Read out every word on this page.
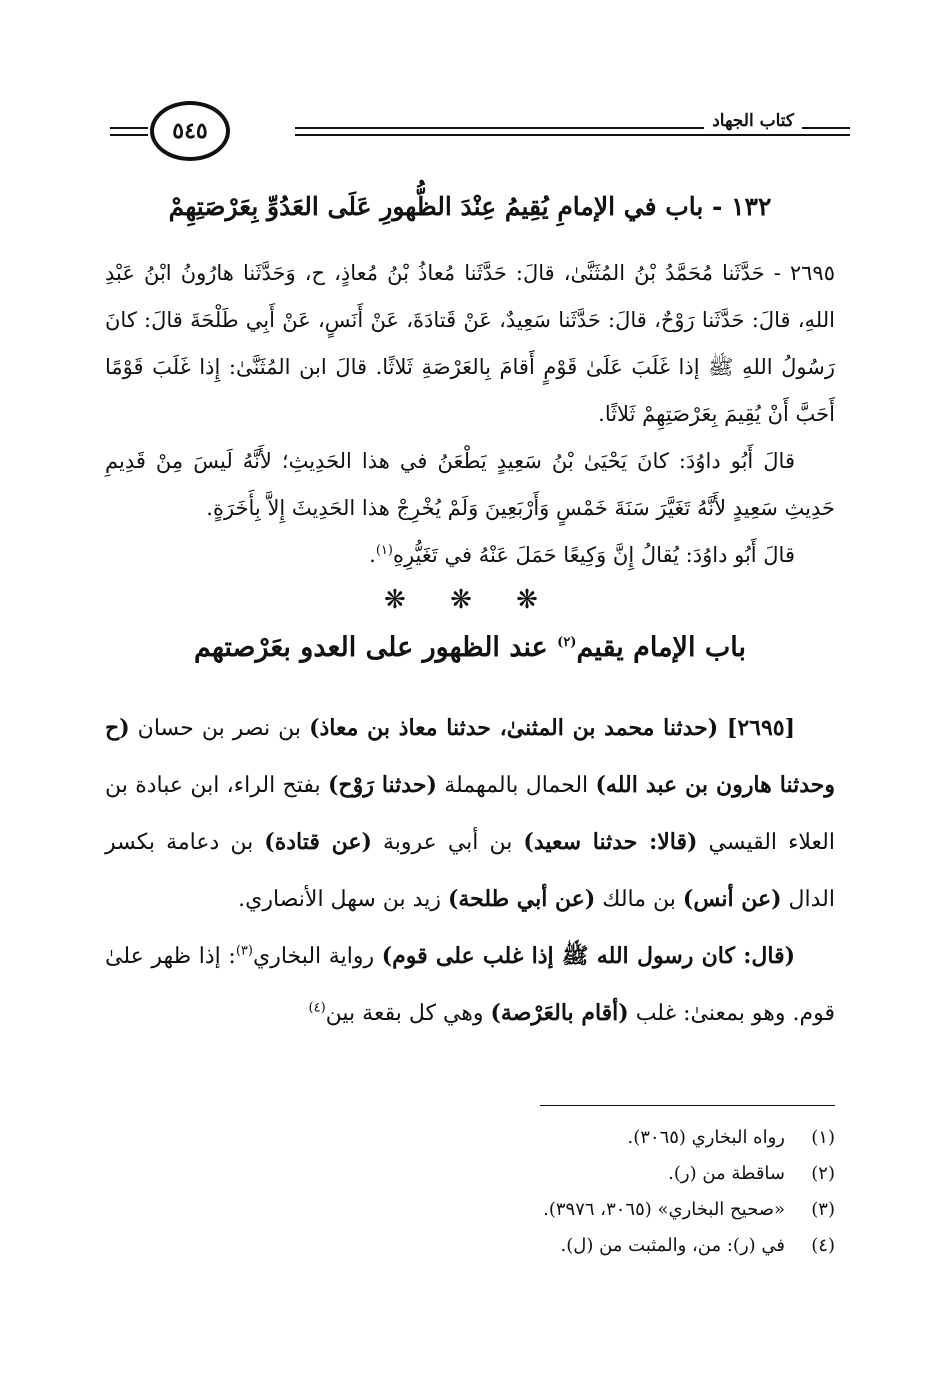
كتاب الجهاد
٥٤٥
١٣٢ - باب في الإمامِ يُقِيمُ عِنْدَ الظُّهورِ عَلَى العَدُوِّ بِعَرْصَتِهِمْ

٢٦٩٥ - حَدَّثَنا مُحَمَّدُ بْنُ المُثَنَّىٰ، قالَ: حَدَّثَنا مُعاذُ بْنُ مُعاذٍ، ح، وَحَدَّثَنا هارُونُ ابْنُ عَبْدِ اللهِ، قالَ: حَدَّثَنا رَوْحٌ، قالَ: حَدَّثَنا سَعِيدٌ، عَنْ قَتادَةَ، عَنْ أَنَسٍ، عَنْ أَبِي طَلْحَةَ قالَ: كانَ رَسُولُ اللهِ ﷺ إذا غَلَبَ عَلَىٰ قَوْمٍ أَقامَ بِالعَرْصَةِ ثَلاثًا. قالَ ابن المُثَنَّىٰ: إِذا غَلَبَ قَوْمًا أَحَبَّ أَنْ يُقِيمَ بِعَرْصَتِهِمْ ثَلاثًا.

قالَ أَبُو داوُدَ: كانَ يَحْيَىٰ بْنُ سَعِيدٍ يَطْعَنُ في هذا الحَدِيثِ؛ لأَنَّهُ لَيسَ مِنْ قَدِيمِ حَدِيثِ سَعِيدٍ لأَنَّهُ تَغَيَّرَ سَنَةَ خَمْسٍ وَأَرْبَعِينَ وَلَمْ يُخْرِجْ هذا الحَدِيثَ إِلاَّ بِأَخَرَةٍ.

قالَ أَبُو داوُدَ: يُقالُ إِنَّ وَكِيعًا حَمَلَ عَنْهُ في تَغَيُّرِهِ$^{(١)}$.

❋ ❋ ❋
باب الإمام يقيم$^{(٢)}$ عند الظهور على العدو بعَرْصتهم

[٢٦٩٥] (حدثنا محمد بن المثنىٰ، حدثنا معاذ بن معاذ) بن نصر بن حسان (ح وحدثنا هارون بن عبد الله) الحمال بالمهملة (حدثنا رَوْح) بفتح الراء، ابن عبادة بن العلاء القيسي (قالا: حدثنا سعيد) بن أبي عروبة (عن قتادة) بن دعامة بكسر الدال (عن أنس) بن مالك (عن أبي طلحة) زيد بن سهل الأنصاري.

(قال: كان رسول الله ﷺ إذا غلب على قوم) رواية البخاري$^{(٣)}$: إذا ظهر علىٰ قوم. وهو بمعنىٰ: غلب (أقام بالعَرْصة) وهي كل بقعة بين$^{(٤)}$

(١)
رواه البخاري (٣٠٦٥).
(٢)
ساقطة من (ر).
(٣)
«صحيح البخاري» (٣٠٦٥، ٣٩٧٦).
(٤)
في (ر): من، والمثبت من (ل).
